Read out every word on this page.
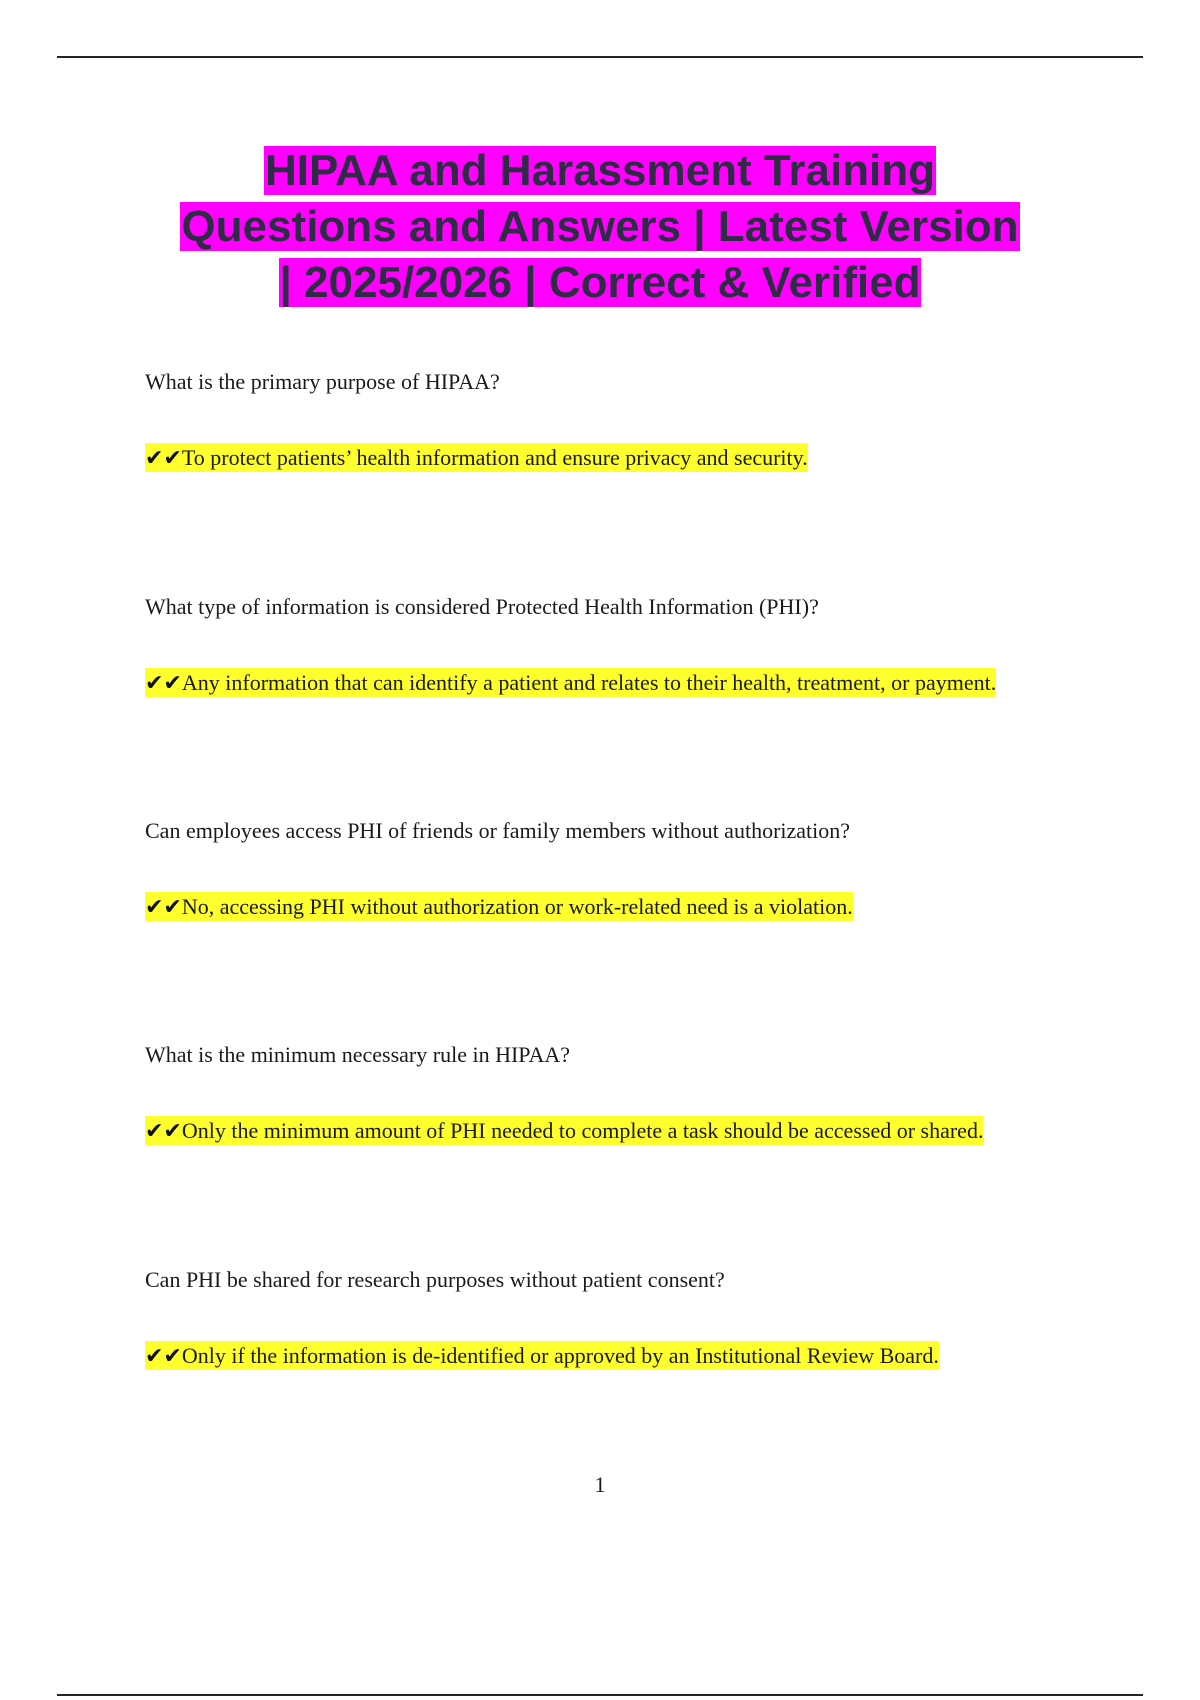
HIPAA and Harassment Training
Questions and Answers | Latest Version
| 2025/2026 | Correct & Verified

What is the primary purpose of HIPAA?

✔✔To protect patients’ health information and ensure privacy and security.

What type of information is considered Protected Health Information (PHI)?

✔✔Any information that can identify a patient and relates to their health, treatment, or payment.

Can employees access PHI of friends or family members without authorization?

✔✔No, accessing PHI without authorization or work-related need is a violation.

What is the minimum necessary rule in HIPAA?

✔✔Only the minimum amount of PHI needed to complete a task should be accessed or shared.

Can PHI be shared for research purposes without patient consent?

✔✔Only if the information is de-identified or approved by an Institutional Review Board.
1
